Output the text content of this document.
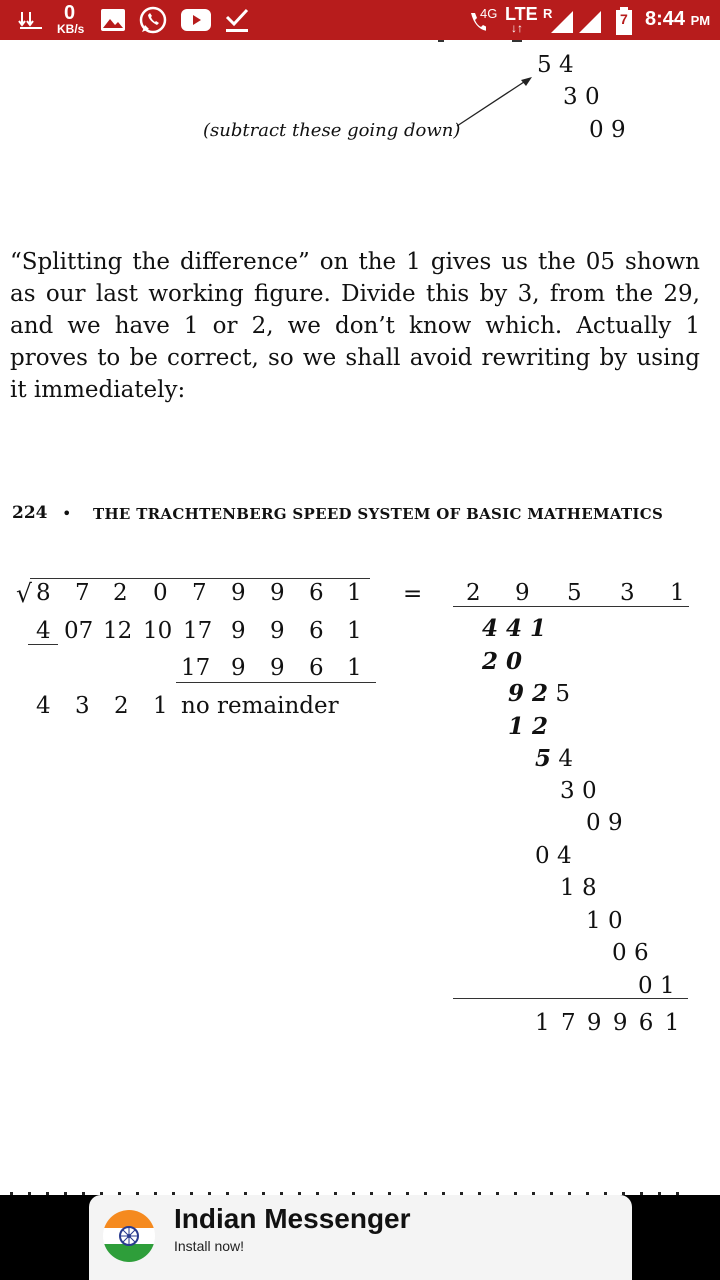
0
KB/s
4G LTE
↓↑
R	7 8:44 PM
5 4
3 0
0 9
(subtract these going down)

“Splitting the difference” on the 1 gives us the 05 shown as our last working figure. Divide this by 3, from the 29, and we have 1 or 2, we don’t know which. Actually 1 proves to be correct, so we shall avoid rewriting by using it immediately:

224 • THE TRACHTENBERG SPEED SYSTEM OF BASIC MATHEMATICS
√ 8 7 2 0 7 9 9 6 1
4 07 12 10 17 9 9 6 1
17 9 9 6 1
4 3 2 1 no remainder
= 2 9 5 3 1
4 4 1
2 0
9 2 5
1 2
5 4
3 0
0 9
0 4
1 8
1 0
0 6
0 1
1 7 9 9 6 1
Indian Messenger
Install now!
